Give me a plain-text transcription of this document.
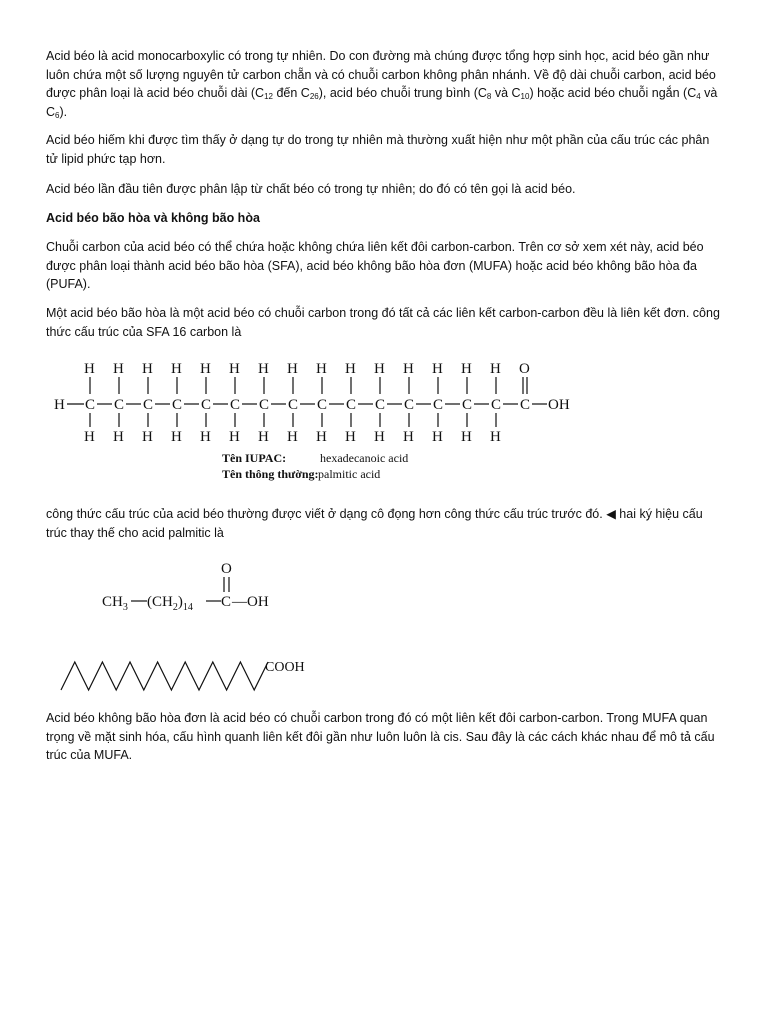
Acid béo là acid monocarboxylic có trong tự nhiên. Do con đường mà chúng được tổng hợp sinh học, acid béo gần như luôn chứa một số lượng nguyên tử carbon chẵn và có chuỗi carbon không phân nhánh. Về độ dài chuỗi carbon, acid béo được phân loại là acid béo chuỗi dài ($C_{12}$ đến $C_{26}$), acid béo chuỗi trung bình ($C_8$ và $C_{10}$) hoặc acid béo chuỗi ngắn ($C_4$ và $C_6$).

Acid béo hiếm khi được tìm thấy ở dạng tự do trong tự nhiên mà thường xuất hiện như một phần của cấu trúc các phân tử lipid phức tạp hơn.

Acid béo lần đầu tiên được phân lập từ chất béo có trong tự nhiên; do đó có tên gọi là acid béo.

Acid béo bão hòa và không bão hòa

Chuỗi carbon của acid béo có thể chứa hoặc không chứa liên kết đôi carbon-carbon. Trên cơ sở xem xét này, acid béo được phân loại thành acid béo bão hòa (SFA), acid béo không bão hòa đơn (MUFA) hoặc acid béo không bão hòa đa (PUFA).

Một acid béo bão hòa là một acid béo có chuỗi carbon trong đó tất cả các liên kết carbon-carbon đều là liên kết đơn. công thức cấu trúc của SFA 16 carbon là

H C
H
H
C
H
H
C
H
H
C
H
H
C
H
H
C
H
H
C
H
H
C
H
H
C
H
H
C
H
H
C
H
H
C
H
H
C
H
H
C
H
H
C
H
H
C
O
OH
Tên IUPAC:	hexadecanoic acid
Tên thông thường: palmitic acid

công thức cấu trúc của acid béo thường được viết ở dạng cô đọng hơn công thức cấu trúc trước đó. ◀ hai ký hiệu cấu trúc thay thế cho acid palmitic là

$CH_3$ $(CH_2)_{14}$ C —OH
O
COOH

Acid béo không bão hòa đơn là acid béo có chuỗi carbon trong đó có một liên kết đôi carbon-carbon. Trong MUFA quan trọng về mặt sinh hóa, cấu hình quanh liên kết đôi gần như luôn luôn là cis. Sau đây là các cách khác nhau để mô tả cấu trúc của MUFA.
